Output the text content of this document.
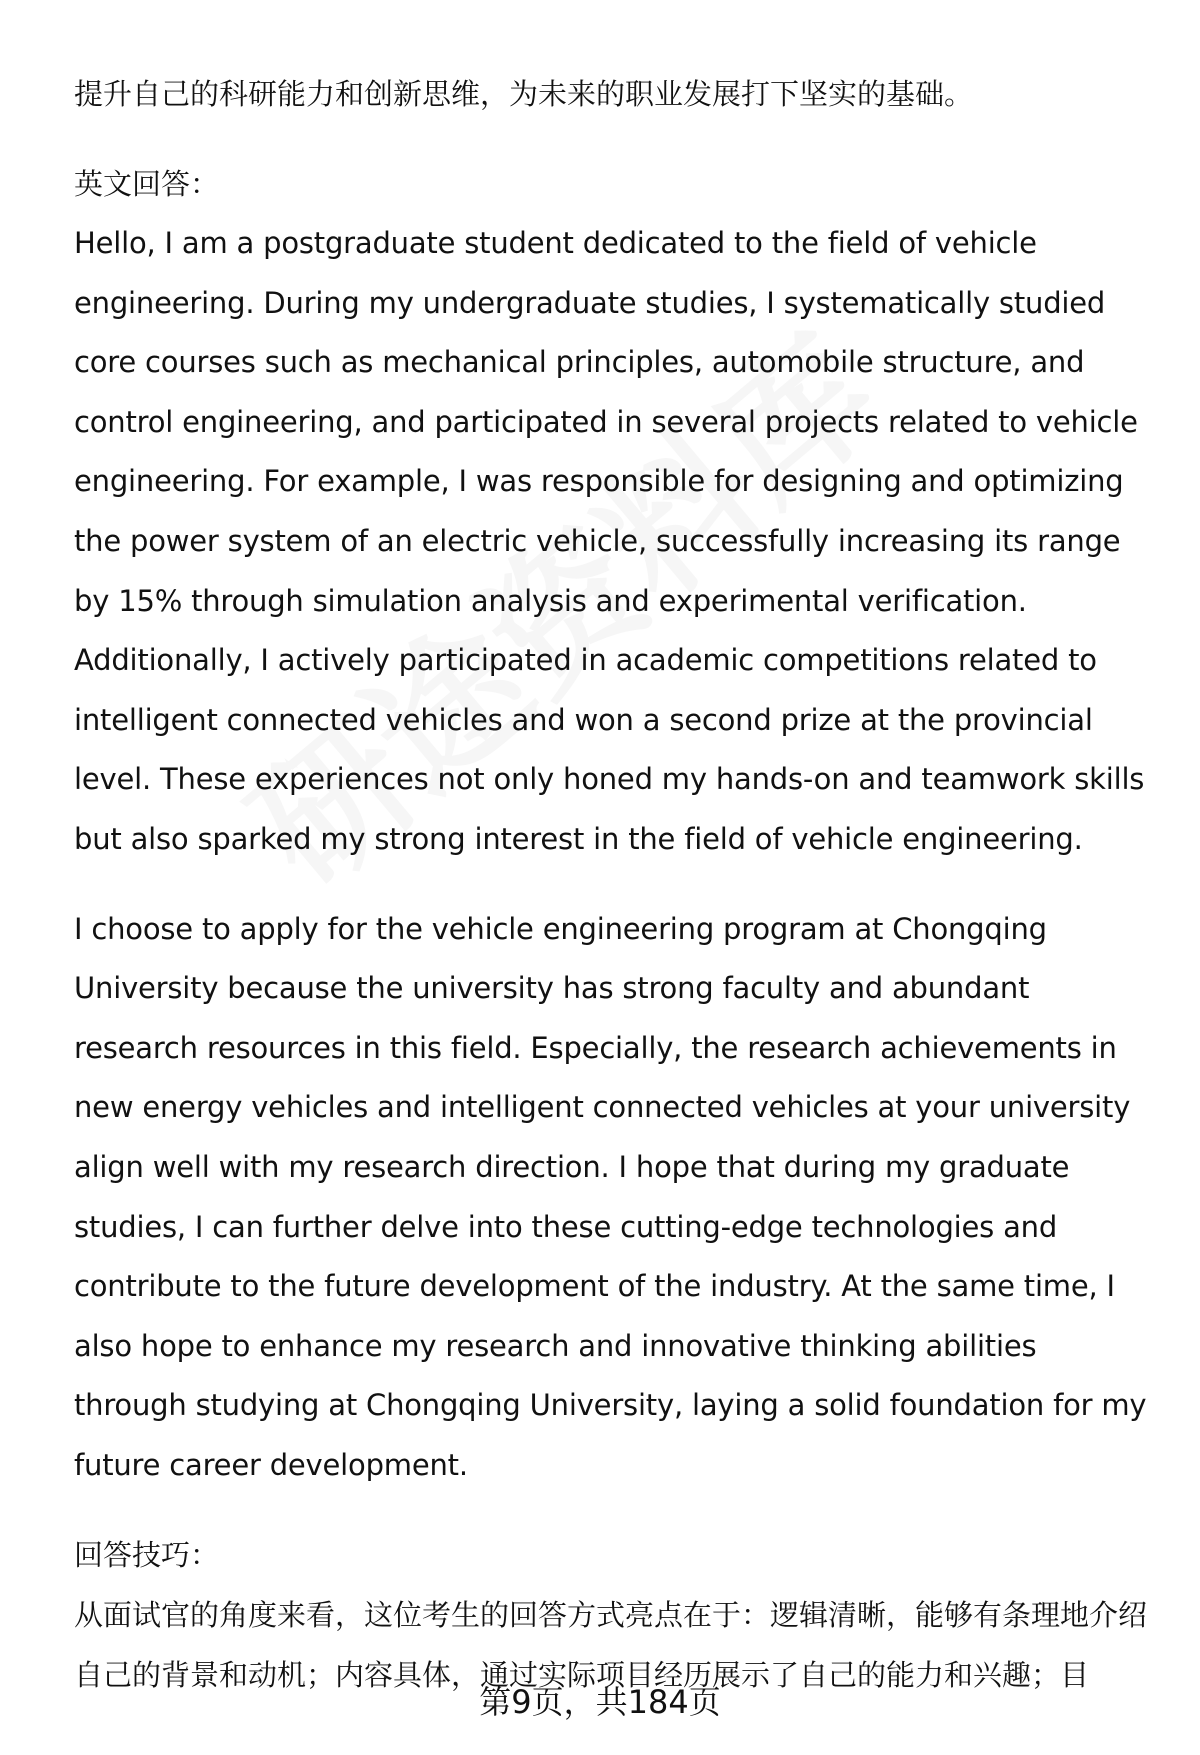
提升自己的科研能力和创新思维，为未来的职业发展打下坚实的基础。

英文回答：

Hello, I am a postgraduate student dedicated to the field of vehicle engineering. During my undergraduate studies, I systematically studied core courses such as mechanical principles, automobile structure, and control engineering, and participated in several projects related to vehicle engineering. For example, I was responsible for designing and optimizing the power system of an electric vehicle, successfully increasing its range by 15% through simulation analysis and experimental verification. Additionally, I actively participated in academic competitions related to intelligent connected vehicles and won a second prize at the provincial level. These experiences not only honed my hands-on and teamwork skills but also sparked my strong interest in the field of vehicle engineering.

I choose to apply for the vehicle engineering program at Chongqing University because the university has strong faculty and abundant research resources in this field. Especially, the research achievements in new energy vehicles and intelligent connected vehicles at your university align well with my research direction. I hope that during my graduate studies, I can further delve into these cutting-edge technologies and contribute to the future development of the industry. At the same time, I also hope to enhance my research and innovative thinking abilities through studying at Chongqing University, laying a solid foundation for my future career development.

回答技巧：

从面试官的角度来看，这位考生的回答方式亮点在于：逻辑清晰，能够有条理地介绍自己的背景和动机；内容具体，通过实际项目经历展示了自己的能力和兴趣；目

第9页，共184页
